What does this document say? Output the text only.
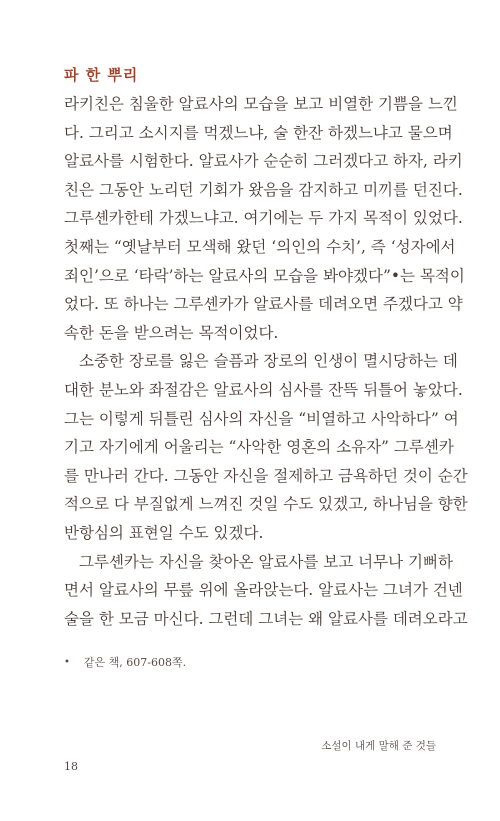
파 한 뿌리
라키친은 침울한 알료사의 모습을 보고 비열한 기쁨을 느낀
다. 그리고 소시지를 먹겠느냐, 술 한잔 하겠느냐고 물으며
알료사를 시험한다. 알료사가 순순히 그러겠다고 하자, 라키
친은 그동안 노리던 기회가 왔음을 감지하고 미끼를 던진다.
그루셴카한테 가겠느냐고. 여기에는 두 가지 목적이 있었다.
첫째는 “옛날부터 모색해 왔던 ‘의인의 수치’, 즉 ‘성자에서
죄인’으로 ‘타락’하는 알료사의 모습을 봐야겠다”•는 목적이
었다. 또 하나는 그루셴카가 알료사를 데려오면 주겠다고 약
속한 돈을 받으려는 목적이었다.
소중한 장로를 잃은 슬픔과 장로의 인생이 멸시당하는 데
대한 분노와 좌절감은 알료사의 심사를 잔뜩 뒤틀어 놓았다.
그는 이렇게 뒤틀린 심사의 자신을 “비열하고 사악하다” 여
기고 자기에게 어울리는 “사악한 영혼의 소유자” 그루셴카
를 만나러 간다. 그동안 자신을 절제하고 금욕하던 것이 순간
적으로 다 부질없게 느껴진 것일 수도 있겠고, 하나님을 향한
반항심의 표현일 수도 있겠다.
그루셴카는 자신을 찾아온 알료사를 보고 너무나 기뻐하
면서 알료사의 무릎 위에 올라앉는다. 알료사는 그녀가 건넨
술을 한 모금 마신다. 그런데 그녀는 왜 알료사를 데려오라고
• 같은 책, 607-608쪽.
소설이 내게 말해 준 것들
18
